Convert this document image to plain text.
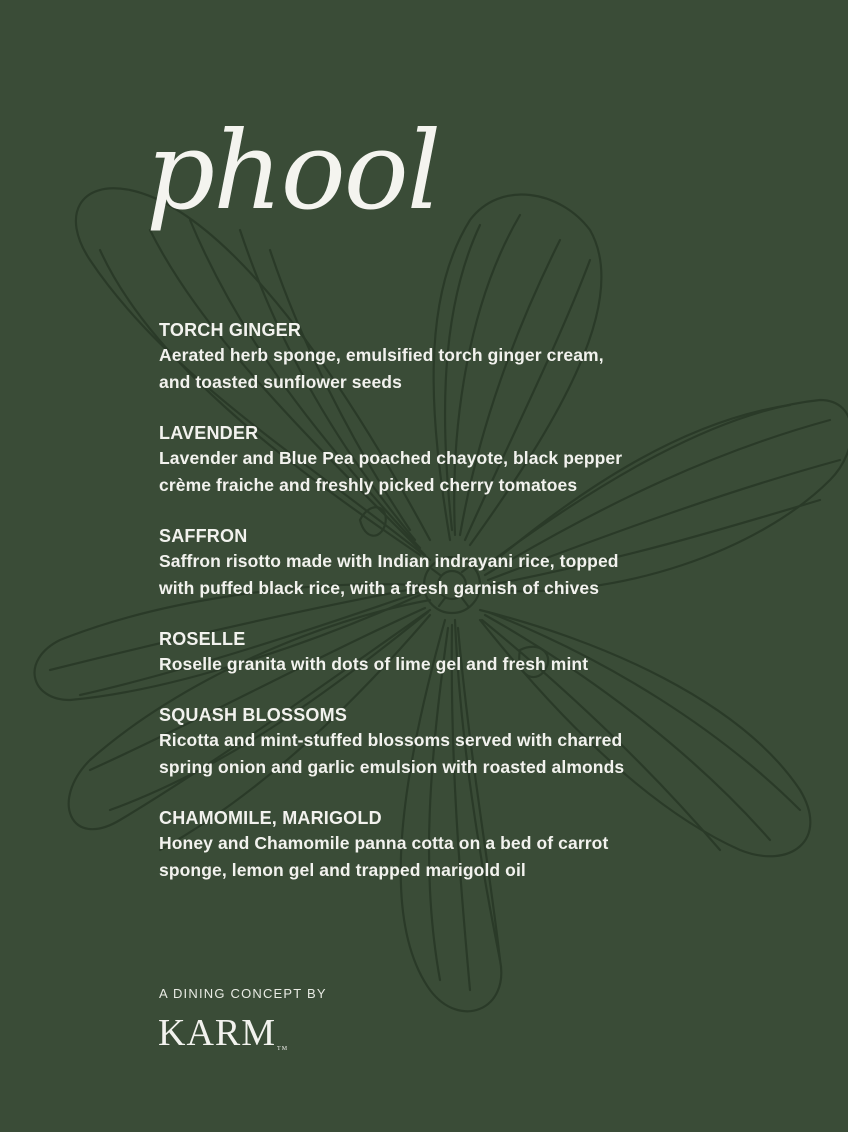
phool
TORCH GINGER
Aerated herb sponge, emulsified torch ginger cream,
and toasted sunflower seeds
LAVENDER
Lavender and Blue Pea poached chayote, black pepper
crème fraiche and freshly picked cherry tomatoes
SAFFRON
Saffron risotto made with Indian indrayani rice, topped
with puffed black rice, with a fresh garnish of chives
ROSELLE
Roselle granita with dots of lime gel and fresh mint
SQUASH BLOSSOMS
Ricotta and mint-stuffed blossoms served with charred
spring onion and garlic emulsion with roasted almonds
CHAMOMILE, MARIGOLD
Honey and Chamomile panna cotta on a bed of carrot
sponge, lemon gel and trapped marigold oil
A DINING CONCEPT BY
KARMTM
